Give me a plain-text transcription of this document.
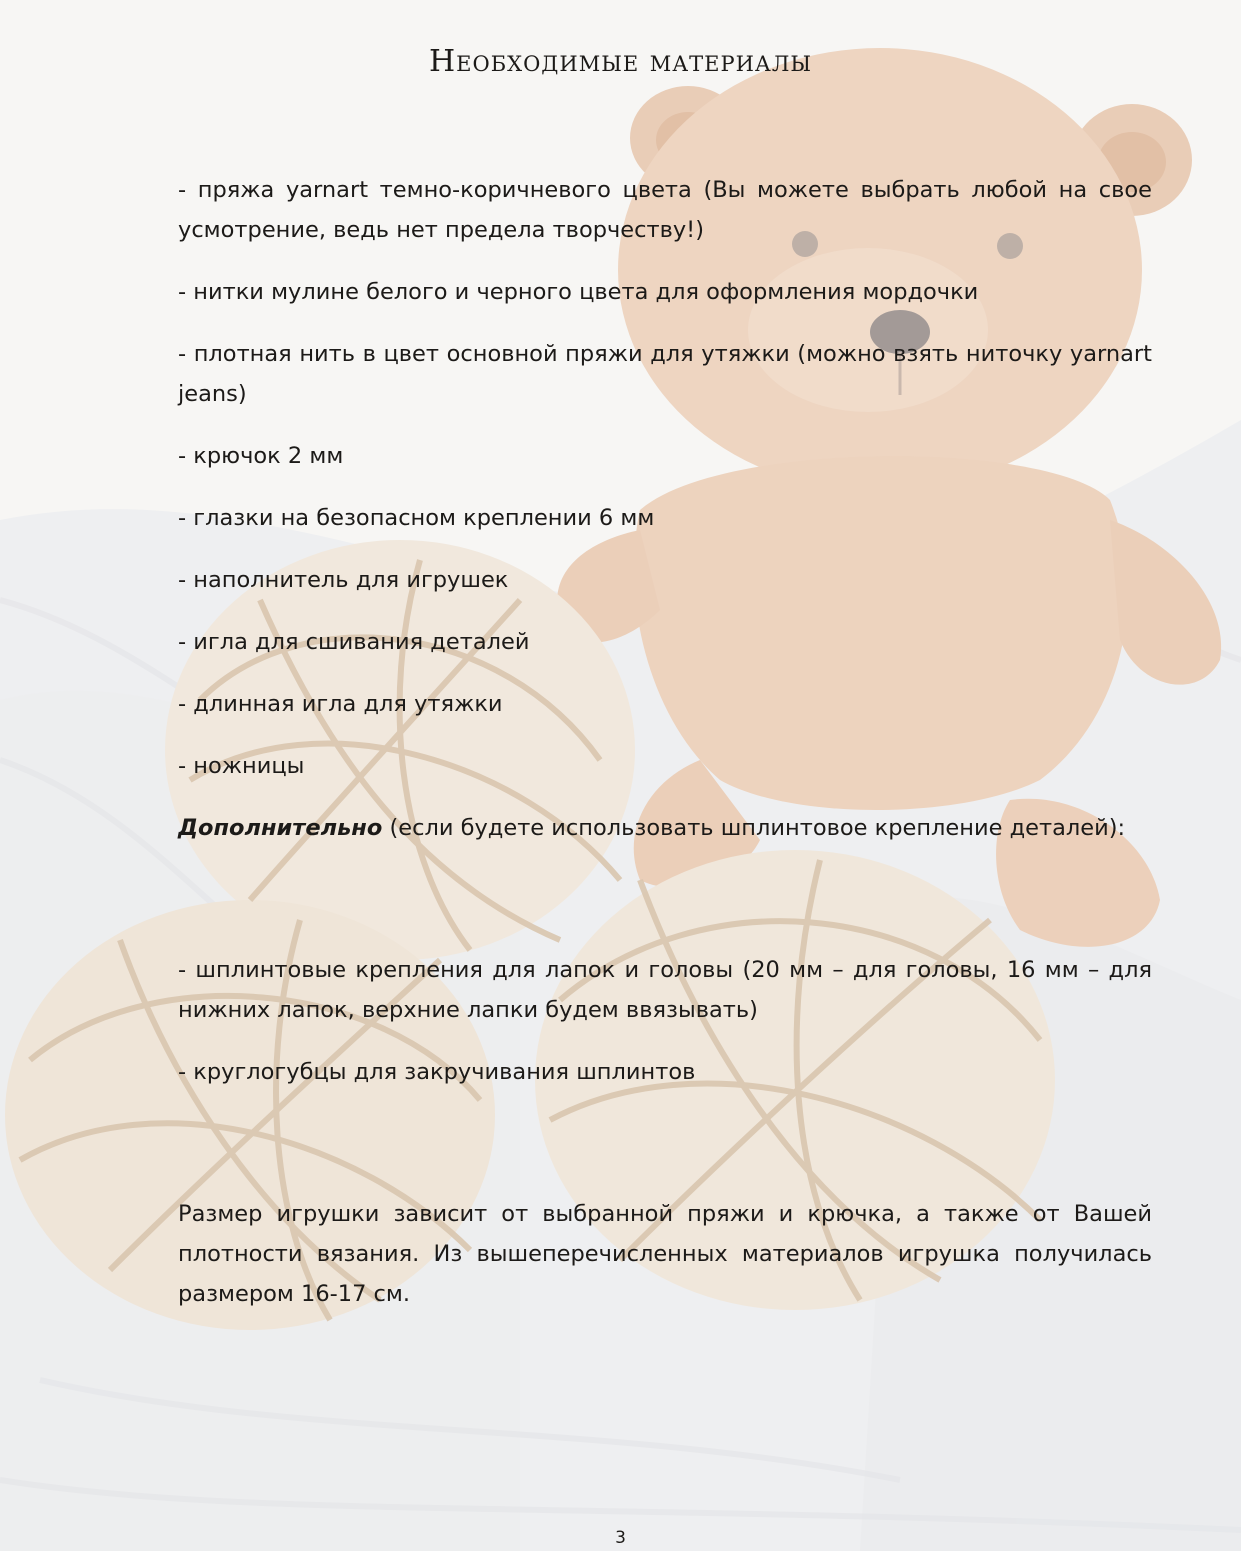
Необходимые материалы

- пряжа yarnart темно-коричневого цвета (Вы можете выбрать любой на свое усмотрение, ведь нет предела творчеству!)

- нитки мулине белого и черного цвета для оформления мордочки

- плотная нить в цвет основной пряжи для утяжки (можно взять ниточку yarnart jeans)

- крючок 2 мм

- глазки на безопасном креплении 6 мм

- наполнитель для игрушек

- игла для сшивания деталей

- длинная игла для утяжки

- ножницы

Дополнительно (если будете использовать шплинтовое крепление деталей):

- шплинтовые крепления для лапок и головы (20 мм – для головы, 16 мм – для нижних лапок, верхние лапки будем ввязывать)

- круглогубцы для закручивания шплинтов

Размер игрушки зависит от выбранной пряжи и крючка, а также от Вашей плотности вязания. Из вышеперечисленных материалов игрушка получилась размером 16-17 см.

3
